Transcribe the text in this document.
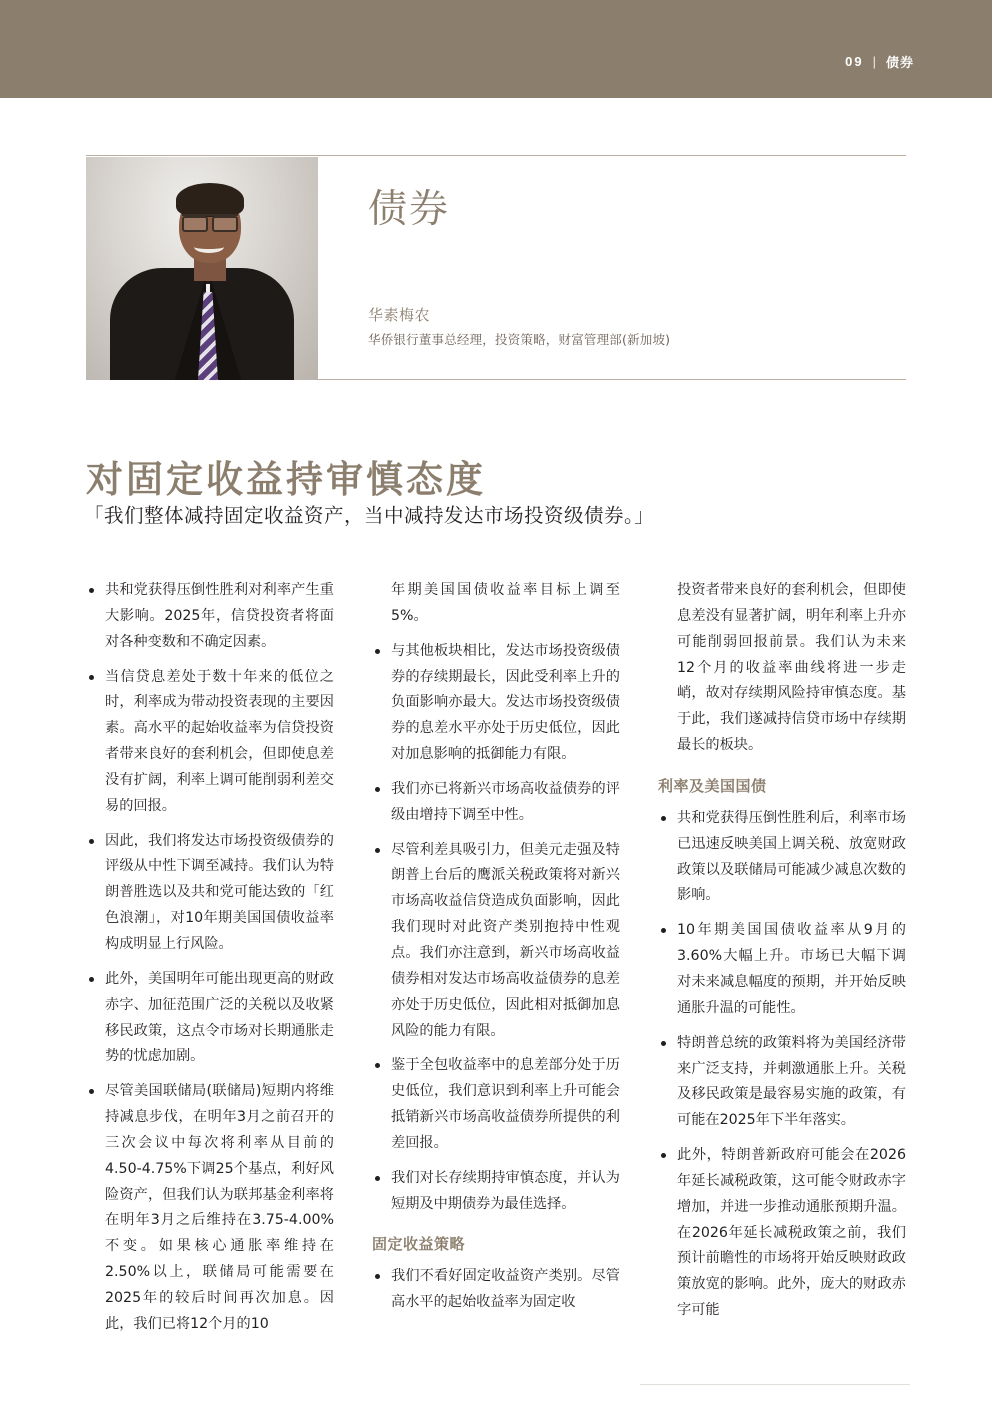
09 | 债券
债券
华素梅农
华侨银行董事总经理，投资策略，财富管理部(新加坡)
对固定收益持审慎态度
「我们整体减持固定收益资产，当中减持发达市场投资级债券。」
共和党获得压倒性胜利对利率产生重大影响。2025年，信贷投资者将面对各种变数和不确定因素。
当信贷息差处于数十年来的低位之时，利率成为带动投资表现的主要因素。高水平的起始收益率为信贷投资者带来良好的套利机会，但即使息差没有扩阔，利率上调可能削弱利差交易的回报。
因此，我们将发达市场投资级债券的评级从中性下调至减持。我们认为特朗普胜选以及共和党可能达致的「红色浪潮」，对10年期美国国债收益率构成明显上行风险。
此外，美国明年可能出现更高的财政赤字、加征范围广泛的关税以及收紧移民政策，这点令市场对长期通胀走势的忧虑加剧。
尽管美国联储局(联储局)短期内将维持减息步伐，在明年3月之前召开的三次会议中每次将利率从目前的4.50-4.75%下调25个基点，利好风险资产，但我们认为联邦基金利率将在明年3月之后维持在3.75-4.00%不变。如果核心通胀率维持在2.50%以上，联储局可能需要在2025年的较后时间再次加息。因此，我们已将12个月的10

年期美国国债收益率目标上调至5%。

与其他板块相比，发达市场投资级债券的存续期最长，因此受利率上升的负面影响亦最大。发达市场投资级债券的息差水平亦处于历史低位，因此对加息影响的抵御能力有限。
我们亦已将新兴市场高收益债券的评级由增持下调至中性。
尽管利差具吸引力，但美元走强及特朗普上台后的鹰派关税政策将对新兴市场高收益信贷造成负面影响，因此我们现时对此资产类别抱持中性观点。我们亦注意到，新兴市场高收益债券相对发达市场高收益债券的息差亦处于历史低位，因此相对抵御加息风险的能力有限。
鉴于全包收益率中的息差部分处于历史低位，我们意识到利率上升可能会抵销新兴市场高收益债券所提供的利差回报。
我们对长存续期持审慎态度，并认为短期及中期债券为最佳选择。
固定收益策略
我们不看好固定收益资产类别。尽管高水平的起始收益率为固定收

投资者带来良好的套利机会，但即使息差没有显著扩阔，明年利率上升亦可能削弱回报前景。我们认为未来12个月的收益率曲线将进一步走峭，故对存续期风险持审慎态度。基于此，我们遂减持信贷市场中存续期最长的板块。

利率及美国国债
共和党获得压倒性胜利后，利率市场已迅速反映美国上调关税、放宽财政政策以及联储局可能减少减息次数的影响。
10年期美国国债收益率从9月的3.60%大幅上升。市场已大幅下调对未来减息幅度的预期，并开始反映通胀升温的可能性。
特朗普总统的政策料将为美国经济带来广泛支持，并刺激通胀上升。关税及移民政策是最容易实施的政策，有可能在2025年下半年落实。
此外，特朗普新政府可能会在2026年延长减税政策，这可能令财政赤字增加，并进一步推动通胀预期升温。在2026年延长减税政策之前，我们预计前瞻性的市场将开始反映财政政策放宽的影响。此外，庞大的财政赤字可能
